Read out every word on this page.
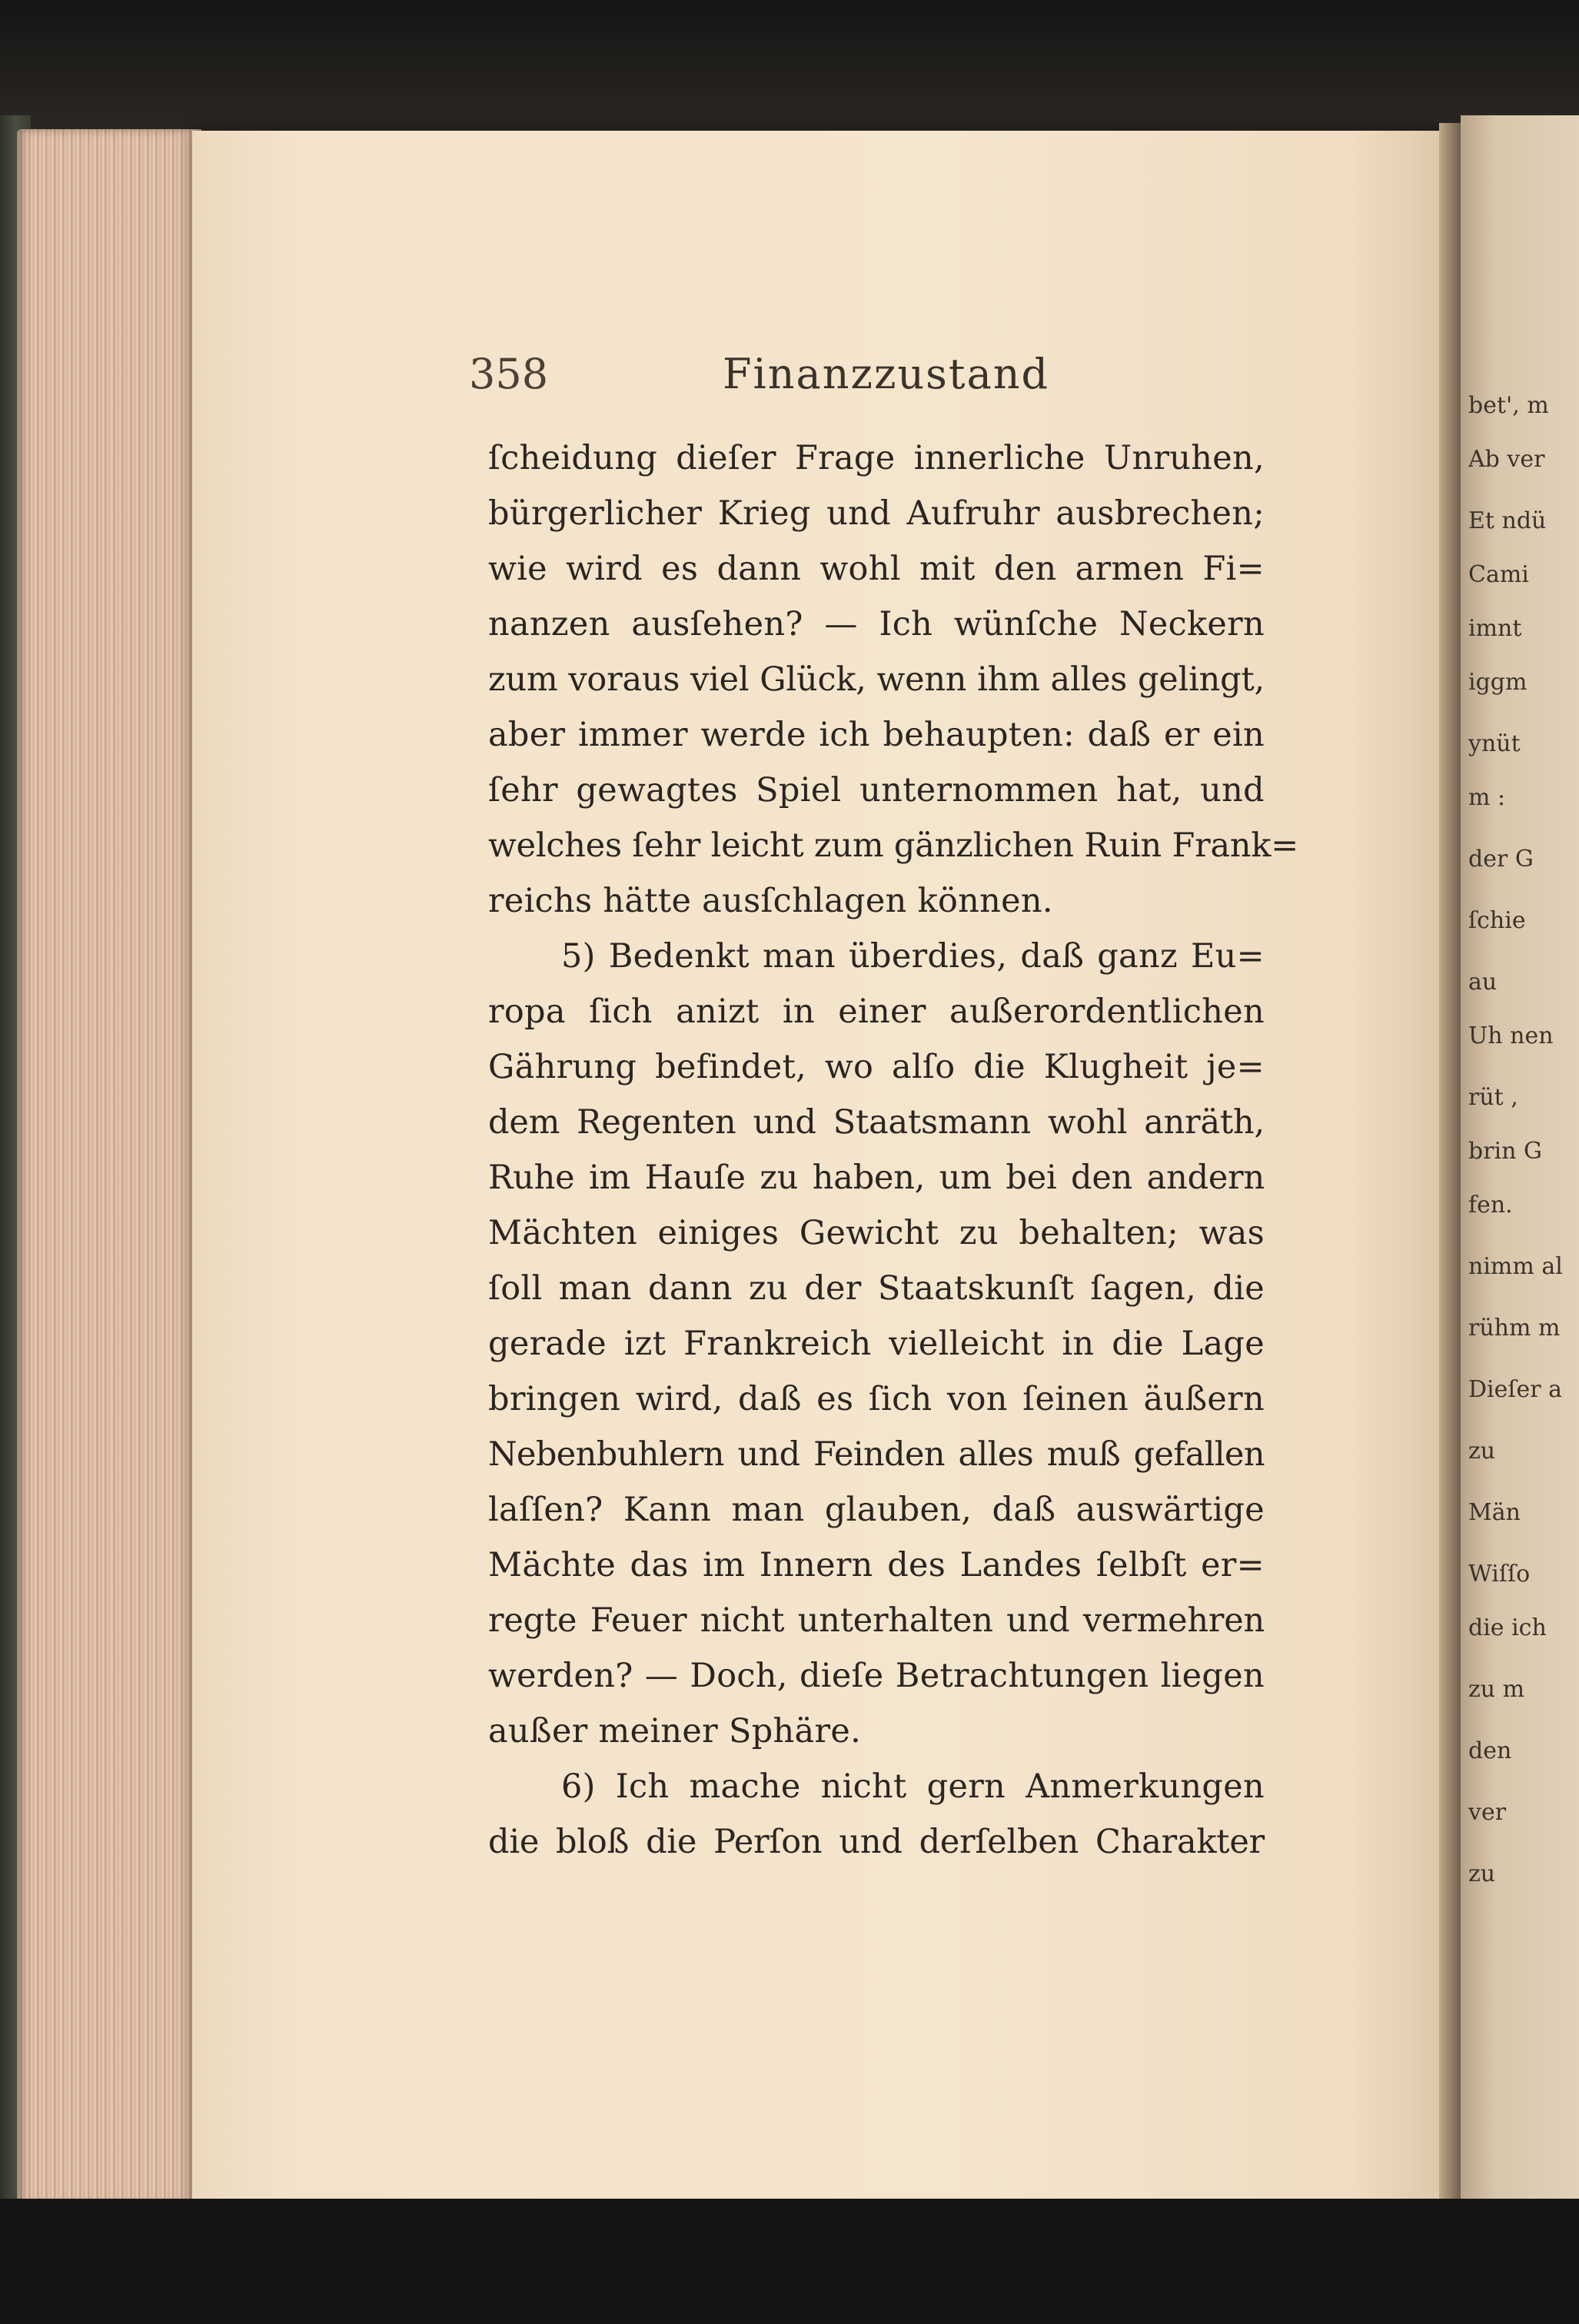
bet', m
Ab ver
Et ndü
Cami
imnt
iggm
ynüt
m :
der G
ſchie
au
Uh nen
rüt ,
brin G
fen.
nimm al
rühm m
Dieſer a
zu
Män
Wiſſo
die ich
zu m
den
ver
zu
358	Finanzzustand
ſcheidung dieſer Frage innerliche Unruhen,
bürgerlicher Krieg und Aufruhr ausbrechen;
wie wird es dann wohl mit den armen Fi=
nanzen ausſehen? — Ich wünſche Neckern
zum voraus viel Glück, wenn ihm alles gelingt,
aber immer werde ich behaupten: daß er ein
ſehr gewagtes Spiel unternommen hat, und
welches ſehr leicht zum gänzlichen Ruin Frank=
reichs hätte ausſchlagen können.
5) Bedenkt man überdies, daß ganz Eu=
ropa ſich anizt in einer außerordentlichen
Gährung befindet, wo alſo die Klugheit je=
dem Regenten und Staatsmann wohl anräth,
Ruhe im Hauſe zu haben, um bei den andern
Mächten einiges Gewicht zu behalten; was
ſoll man dann zu der Staatskunſt ſagen, die
gerade izt Frankreich vielleicht in die Lage
bringen wird, daß es ſich von ſeinen äußern
Nebenbuhlern und Feinden alles muß gefallen
laſſen? Kann man glauben, daß auswärtige
Mächte das im Innern des Landes ſelbſt er=
regte Feuer nicht unterhalten und vermehren
werden? — Doch, dieſe Betrachtungen liegen
außer meiner Sphäre.
6) Ich mache nicht gern Anmerkungen
die bloß die Perſon und derſelben Charakter
